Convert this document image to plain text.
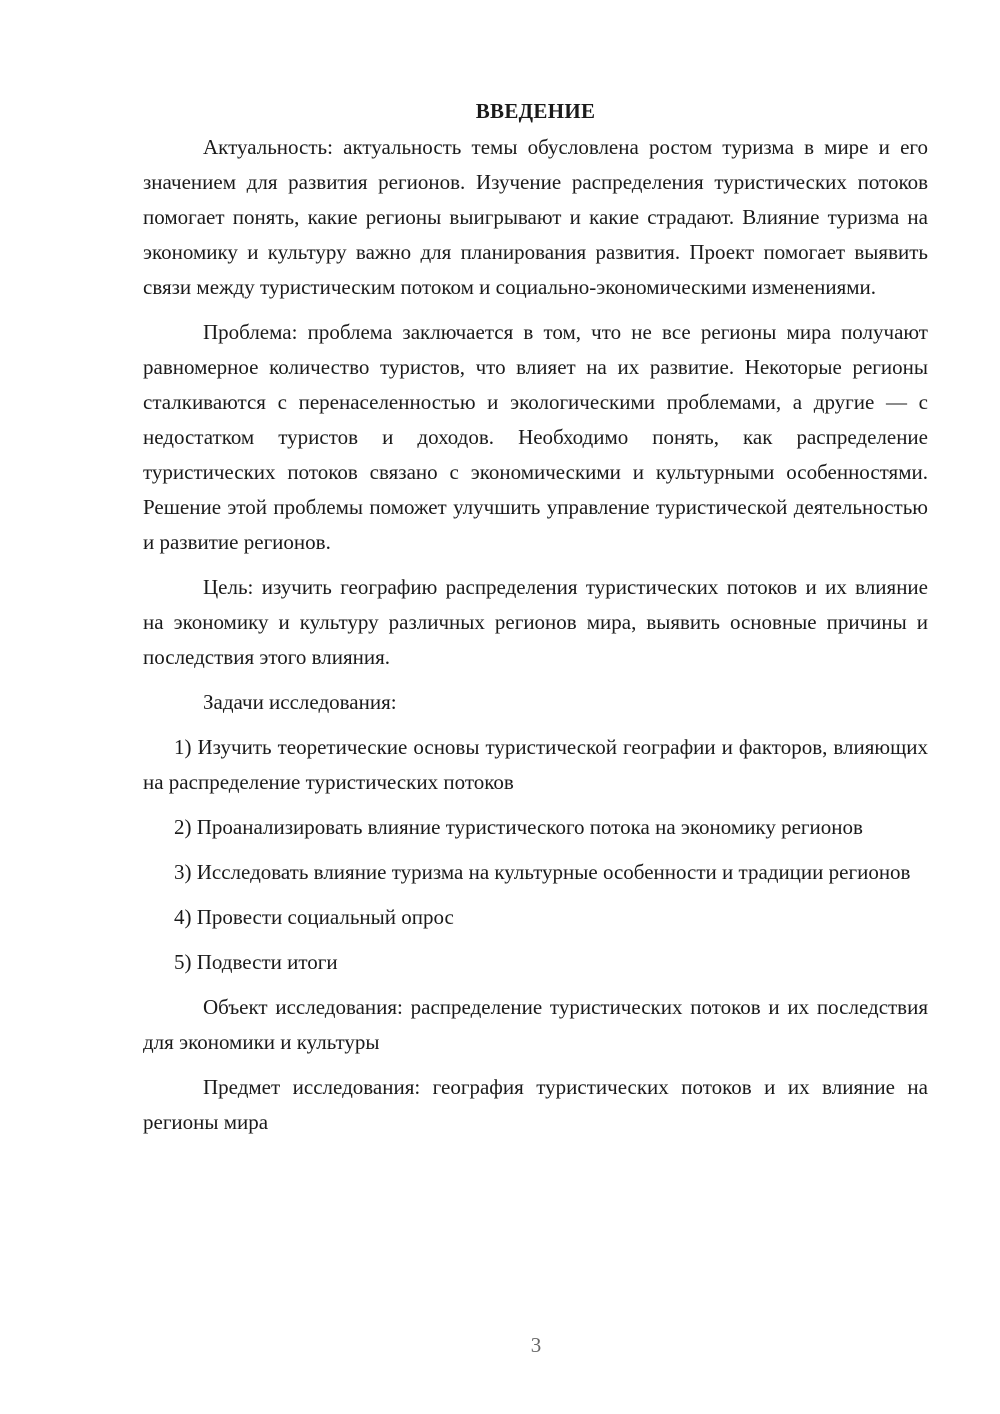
ВВЕДЕНИЕ

Актуальность: актуальность темы обусловлена ростом туризма в мире и его значением для развития регионов. Изучение распределения туристических потоков помогает понять, какие регионы выигрывают и какие страдают. Влияние туризма на экономику и культуру важно для планирования развития. Проект помогает выявить связи между туристическим потоком и социально-экономическими изменениями.

Проблема: проблема заключается в том, что не все регионы мира получают равномерное количество туристов, что влияет на их развитие. Некоторые регионы сталкиваются с перенаселенностью и экологическими проблемами, а другие — с недостатком туристов и доходов. Необходимо понять, как распределение туристических потоков связано с экономическими и культурными особенностями. Решение этой проблемы поможет улучшить управление туристической деятельностью и развитие регионов.

Цель: изучить географию распределения туристических потоков и их влияние на экономику и культуру различных регионов мира, выявить основные причины и последствия этого влияния.

Задачи исследования:

1) Изучить теоретические основы туристической географии и факторов, влияющих на распределение туристических потоков

2) Проанализировать влияние туристического потока на экономику регионов

3) Исследовать влияние туризма на культурные особенности и традиции регионов

4) Провести социальный опрос

5) Подвести итоги

Объект исследования: распределение туристических потоков и их последствия для экономики и культуры

Предмет исследования: география туристических потоков и их влияние на регионы мира

3
